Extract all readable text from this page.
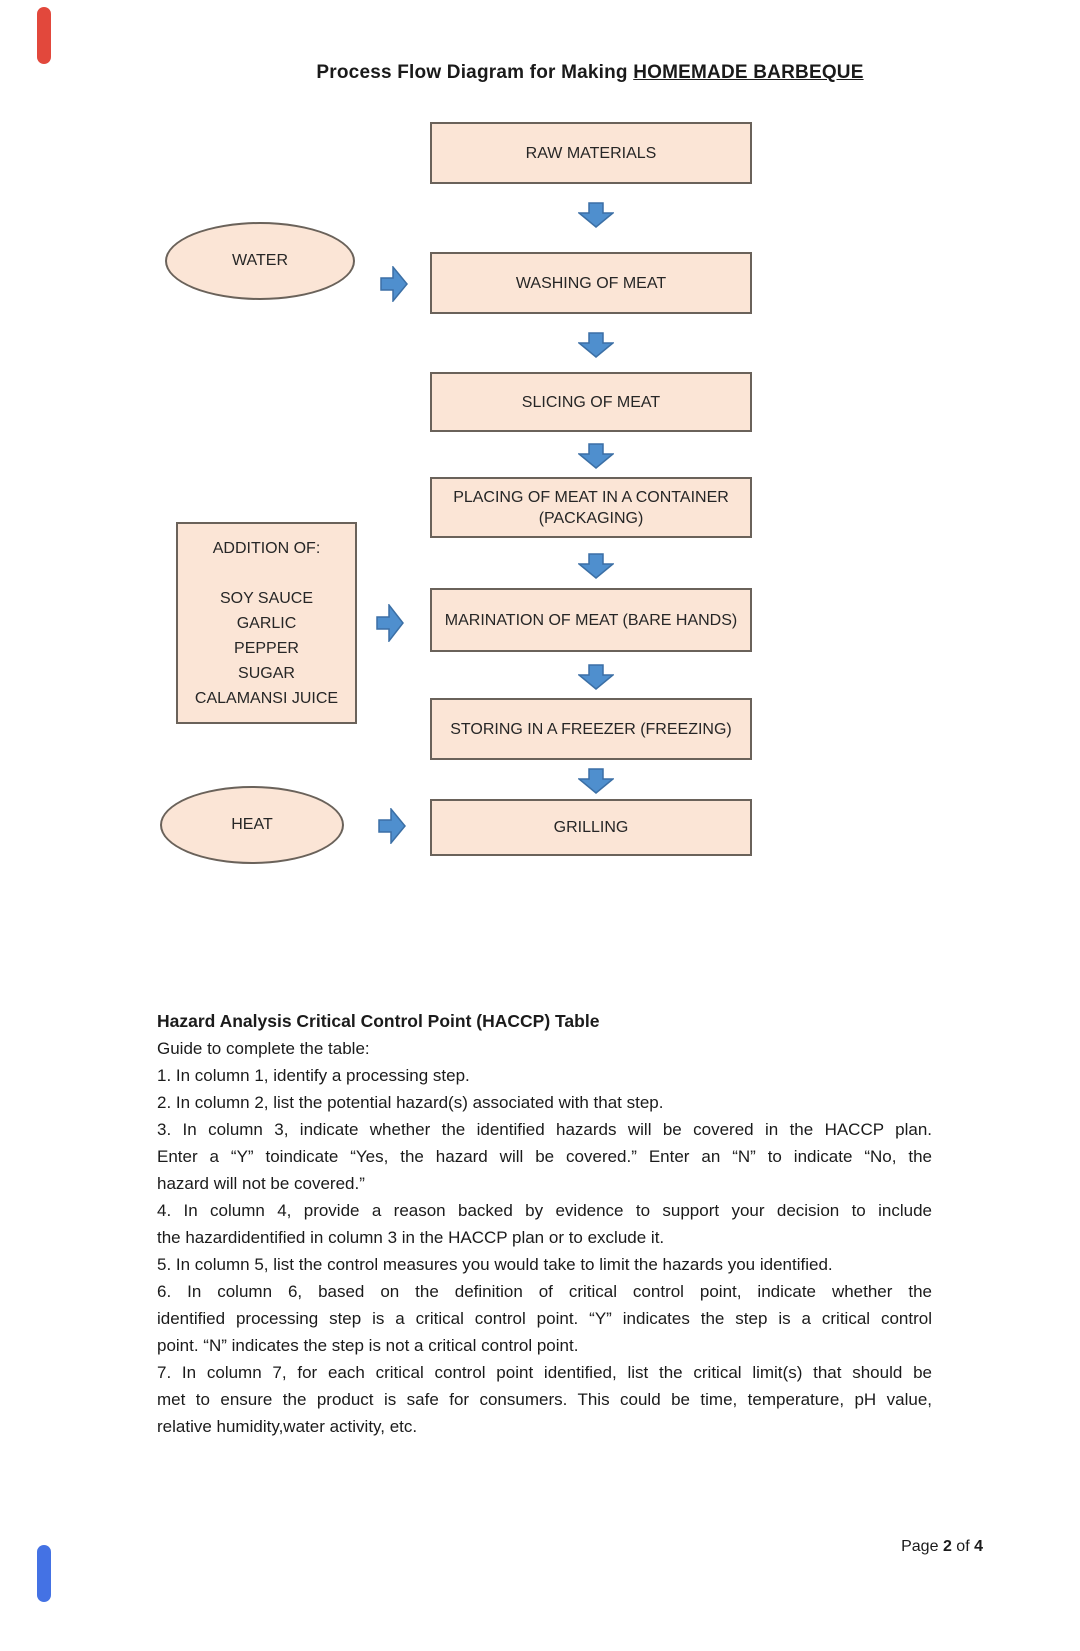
Process Flow Diagram for Making HOMEMADE BARBEQUE
RAW MATERIALS
WASHING OF MEAT
SLICING OF MEAT
PLACING OF MEAT IN A CONTAINER (PACKAGING)
MARINATION OF MEAT (BARE HANDS)
STORING IN A FREEZER (FREEZING)
GRILLING
WATER
ADDITION OF:
SOY SAUCE
GARLIC
PEPPER
SUGAR
CALAMANSI JUICE
HEAT
Hazard Analysis Critical Control Point (HACCP) Table
Guide to complete the table:
1. In column 1, identify a processing step.
2. In column 2, list the potential hazard(s) associated with that step.
3. In column 3, indicate whether the identified hazards will be covered in the HACCP plan.
Enter a “Y” toindicate “Yes, the hazard will be covered.” Enter an “N” to indicate “No, the
hazard will not be covered.”
4. In column 4, provide a reason backed by evidence to support your decision to include
the hazardidentified in column 3 in the HACCP plan or to exclude it.
5. In column 5, list the control measures you would take to limit the hazards you identified.
6. In column 6, based on the definition of critical control point, indicate whether the
identified processing step is a critical control point. “Y” indicates the step is a critical control
point. “N” indicates the step is not a critical control point.
7. In column 7, for each critical control point identified, list the critical limit(s) that should be
met to ensure the product is safe for consumers. This could be time, temperature, pH value,
relative humidity,water activity, etc.
Page 2 of 4
